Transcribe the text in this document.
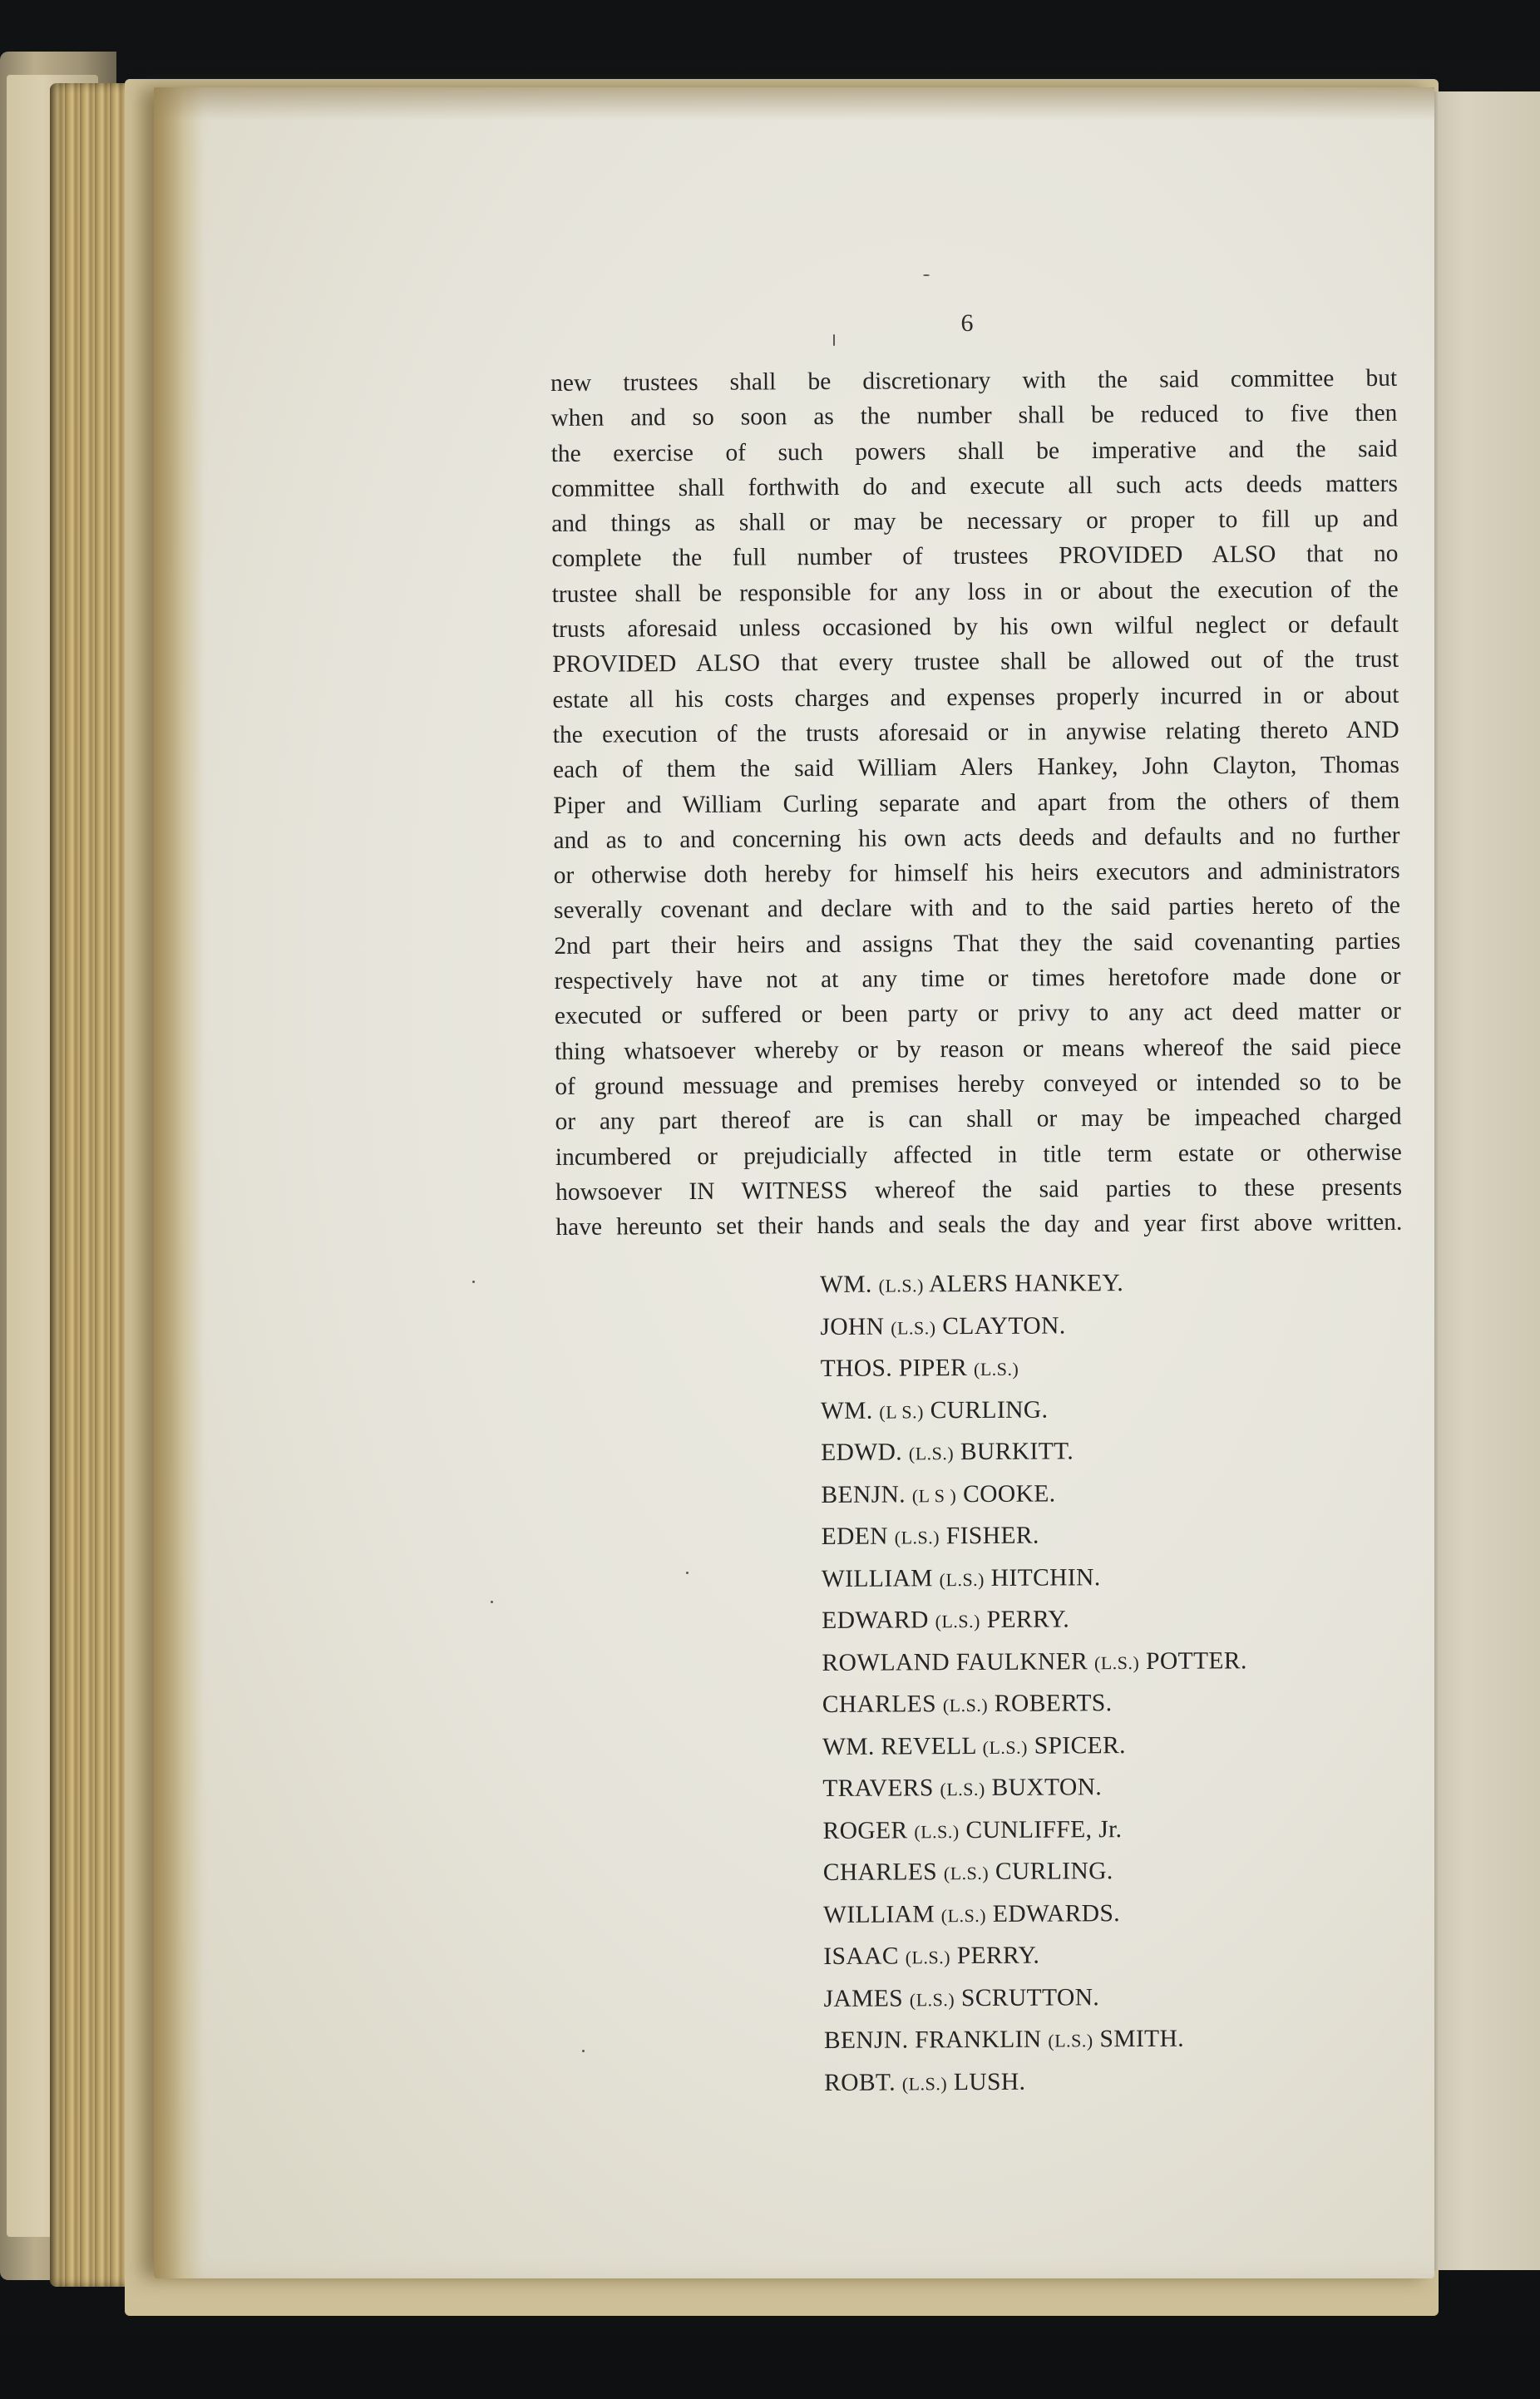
6
new trustees shall be discretionary with the said committee but
when and so soon as the number shall be reduced to five then
the exercise of such powers shall be imperative and the said
committee shall forthwith do and execute all such acts deeds matters
and things as shall or may be necessary or proper to fill up and
complete the full number of trustees PROVIDED ALSO that no
trustee shall be responsible for any loss in or about the execution of the
trusts aforesaid unless occasioned by his own wilful neglect or default
PROVIDED ALSO that every trustee shall be allowed out of the trust
estate all his costs charges and expenses properly incurred in or about
the execution of the trusts aforesaid or in anywise relating thereto AND
each of them the said William Alers Hankey, John Clayton, Thomas
Piper and William Curling separate and apart from the others of them
and as to and concerning his own acts deeds and defaults and no further
or otherwise doth hereby for himself his heirs executors and administrators
severally covenant and declare with and to the said parties hereto of the
2nd part their heirs and assigns That they the said covenanting parties
respectively have not at any time or times heretofore made done or
executed or suffered or been party or privy to any act deed matter or
thing whatsoever whereby or by reason or means whereof the said piece
of ground messuage and premises hereby conveyed or intended so to be
or any part thereof are is can shall or may be impeached charged
incumbered or prejudicially affected in title term estate or otherwise
howsoever IN WITNESS whereof the said parties to these presents
have hereunto set their hands and seals the day and year first above written.
WM. (L.S.) ALERS HANKEY.
JOHN (L.S.) CLAYTON.
THOS. PIPER (L.S.)
WM. (L S.) CURLING.
EDWD. (L.S.) BURKITT.
BENJN. (L S ) COOKE.
EDEN (L.S.) FISHER.
WILLIAM (L.S.) HITCHIN.
EDWARD (L.S.) PERRY.
ROWLAND FAULKNER (L.S.) POTTER.
CHARLES (L.S.) ROBERTS.
WM. REVELL (L.S.) SPICER.
TRAVERS (L.S.) BUXTON.
ROGER (L.S.) CUNLIFFE, Jr.
CHARLES (L.S.) CURLING.
WILLIAM (L.S.) EDWARDS.
ISAAC (L.S.) PERRY.
JAMES (L.S.) SCRUTTON.
BENJN. FRANKLIN (L.S.) SMITH.
ROBT. (L.S.) LUSH.
